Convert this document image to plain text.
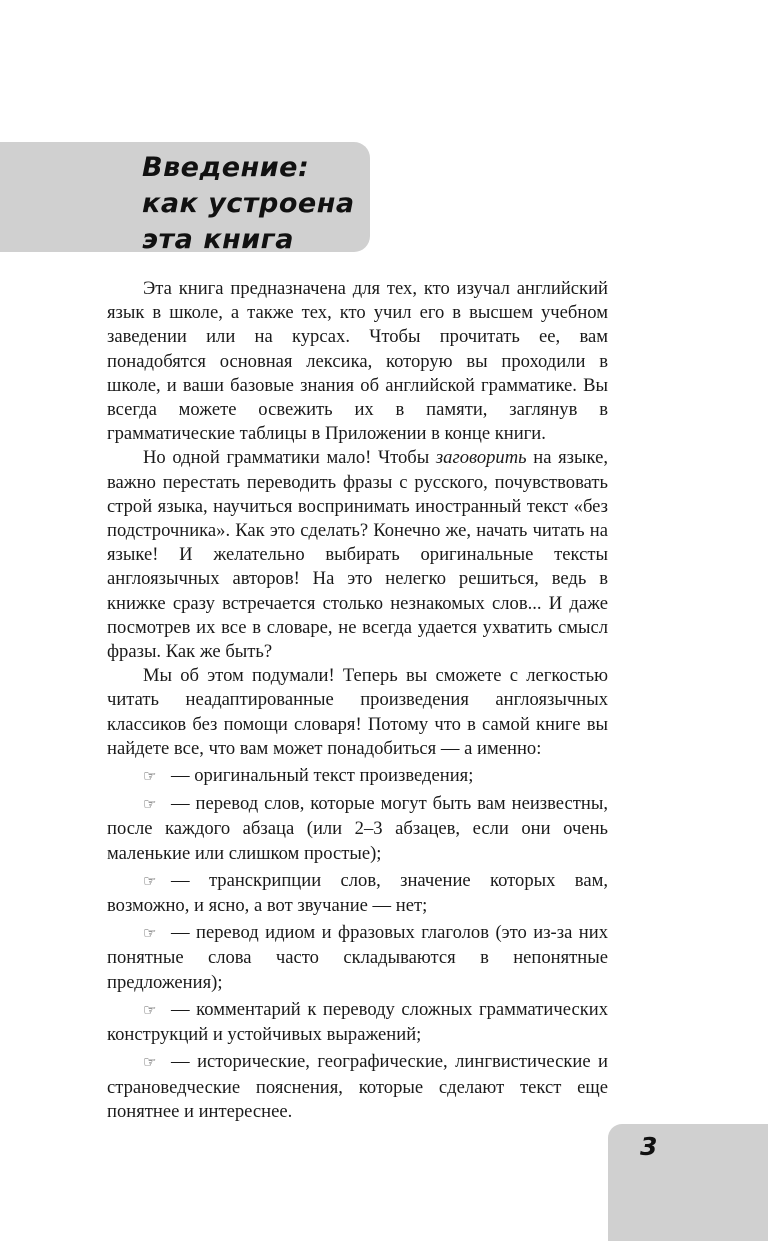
Введение:
как устроена
эта книга

Эта книга предназначена для тех, кто изучал английский язык в школе, а также тех, кто учил его в высшем учебном заведении или на курсах. Чтобы прочитать ее, вам понадобятся основная лексика, которую вы проходили в школе, и ваши базовые знания об английской грамматике. Вы всегда можете освежить их в памяти, заглянув в грамматические таблицы в Приложении в конце книги.

Но одной грамматики мало! Чтобы заговорить на языке, важно перестать переводить фразы с русского, почувствовать строй языка, научиться воспринимать иностранный текст «без подстрочника». Как это сделать? Конечно же, начать читать на языке! И желательно выбирать оригинальные тексты англоязычных авторов! На это нелегко решиться, ведь в книжке сразу встречается столько незнакомых слов... И даже посмотрев их все в словаре, не всегда удается ухватить смысл фразы. Как же быть?

Мы об этом подумали! Теперь вы сможете с легкостью читать неадаптированные произведения англоязычных классиков без помощи словаря! Потому что в самой книге вы найдете все, что вам может понадобиться — а именно:

☞ — оригинальный текст произведения;

☞ — перевод слов, которые могут быть вам неизвестны, после каждого абзаца (или 2–3 абзацев, если они очень маленькие или слишком простые);

☞ — транскрипции слов, значение которых вам, возможно, и ясно, а вот звучание — нет;

☞ — перевод идиом и фразовых глаголов (это из-за них понятные слова часто складываются в непонятные предложения);

☞ — комментарий к переводу сложных грамматических конструкций и устойчивых выражений;

☞ — исторические, географические, лингвистические и страноведческие пояснения, которые сделают текст еще понятнее и интереснее.

3
